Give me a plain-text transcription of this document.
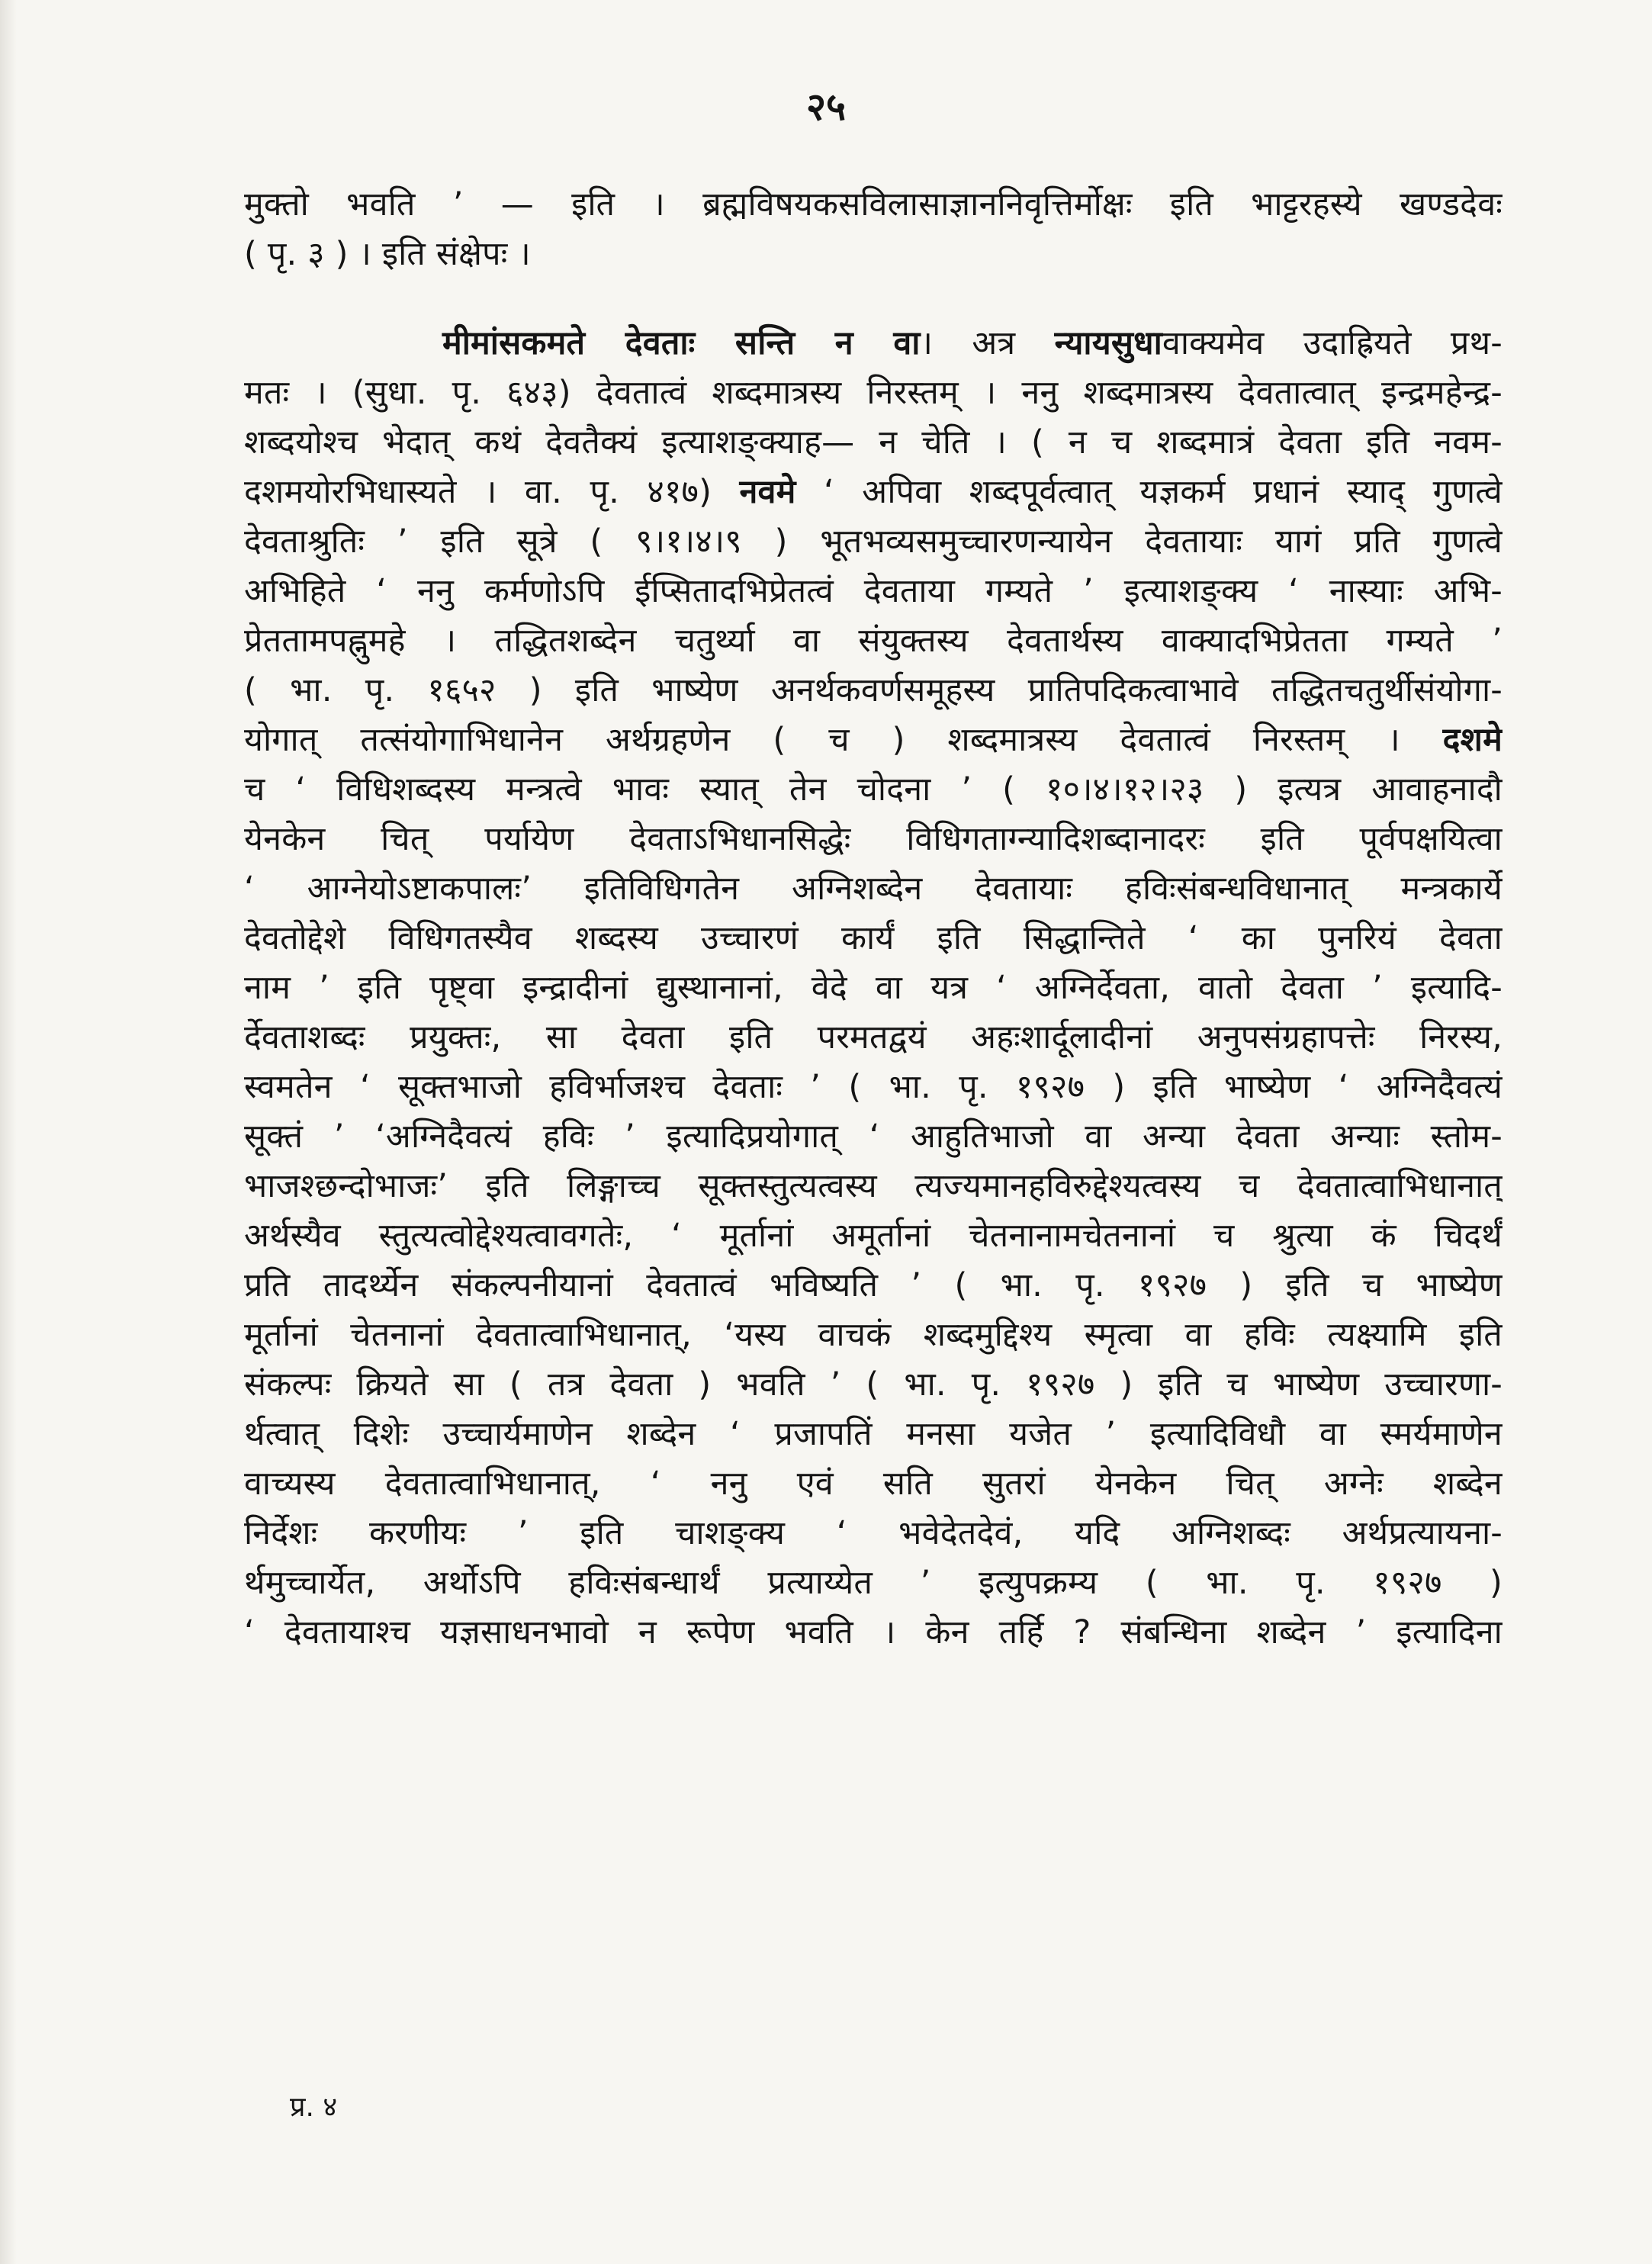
२५
मुक्तो भवति ’ — इति । ब्रह्मविषयकसविलासाज्ञाननिवृत्तिर्मोक्षः इति भाट्टरहस्ये खण्डदेवः
( पृ. ३ ) । इति संक्षेपः ।
मीमांसकमते देवताः सन्ति न वा। अत्र न्यायसुधावाक्यमेव उदाह्रियते प्रथ-
मतः । (सुधा. पृ. ६४३) देवतात्वं शब्दमात्रस्य निरस्तम् । ननु शब्दमात्रस्य देवतात्वात् इन्द्रमहेन्द्र-
शब्दयोश्च भेदात् कथं देवतैक्यं इत्याशङ्क्याह— न चेति । ( न च शब्दमात्रं देवता इति नवम-
दशमयोरभिधास्यते । वा. पृ. ४१७) नवमे ‘ अपिवा शब्दपूर्वत्वात् यज्ञकर्म प्रधानं स्याद् गुणत्वे
देवताश्रुतिः ’ इति सूत्रे ( ९।१।४।९ ) भूतभव्यसमुच्चारणन्यायेन देवतायाः यागं प्रति गुणत्वे
अभिहिते ‘ ननु कर्मणोऽपि ईप्सितादभिप्रेतत्वं देवताया गम्यते ’ इत्याशङ्क्य ‘ नास्याः अभि-
प्रेततामपह्नुमहे । तद्धितशब्देन चतुर्थ्या वा संयुक्तस्य देवतार्थस्य वाक्यादभिप्रेतता गम्यते ’
( भा. पृ. १६५२ ) इति भाष्येण अनर्थकवर्णसमूहस्य प्रातिपदिकत्वाभावे तद्धितचतुर्थीसंयोगा-
योगात् तत्संयोगाभिधानेन अर्थग्रहणेन ( च ) शब्दमात्रस्य देवतात्वं निरस्तम् । दशमे
च ‘ विधिशब्दस्य मन्त्रत्वे भावः स्यात् तेन चोदना ’ ( १०।४।१२।२३ ) इत्यत्र आवाहनादौ
येनकेन चित् पर्यायेण देवताऽभिधानसिद्धेः विधिगताग्न्यादिशब्दानादरः इति पूर्वपक्षयित्वा
‘ आग्नेयोऽष्टाकपालः’ इतिविधिगतेन अग्निशब्देन देवतायाः हविःसंबन्धविधानात् मन्त्रकार्ये
देवतोद्देशे विधिगतस्यैव शब्दस्य उच्चारणं कार्यं इति सिद्धान्तिते ‘ का पुनरियं देवता
नाम ’ इति पृष्ट्वा इन्द्रादीनां द्युस्थानानां, वेदे वा यत्र ‘ अग्निर्देवता, वातो देवता ’ इत्यादि-
र्देवताशब्दः प्रयुक्तः, सा देवता इति परमतद्वयं अहःशार्दूलादीनां अनुपसंग्रहापत्तेः निरस्य,
स्वमतेन ‘ सूक्तभाजो हविर्भाजश्च देवताः ’ ( भा. पृ. १९२७ ) इति भाष्येण ‘ अग्निदैवत्यं
सूक्तं ’ ‘अग्निदैवत्यं हविः ’ इत्यादिप्रयोगात् ‘ आहुतिभाजो वा अन्या देवता अन्याः स्तोम-
भाजश्छन्दोभाजः’ इति लिङ्गाच्च सूक्तस्तुत्यत्वस्य त्यज्यमानहविरुद्देश्यत्वस्य च देवतात्वाभिधानात्
अर्थस्यैव स्तुत्यत्वोद्देश्यत्वावगतेः, ‘ मूर्तानां अमूर्तानां चेतनानामचेतनानां च श्रुत्या कं चिदर्थं
प्रति तादर्थ्येन संकल्पनीयानां देवतात्वं भविष्यति ’ ( भा. पृ. १९२७ ) इति च भाष्येण
मूर्तानां चेतनानां देवतात्वाभिधानात्, ‘यस्य वाचकं शब्दमुद्दिश्य स्मृत्वा वा हविः त्यक्ष्यामि इति
संकल्पः क्रियते सा ( तत्र देवता ) भवति ’ ( भा. पृ. १९२७ ) इति च भाष्येण उच्चारणा-
र्थत्वात् दिशेः उच्चार्यमाणेन शब्देन ‘ प्रजापतिं मनसा यजेत ’ इत्यादिविधौ वा स्मर्यमाणेन
वाच्यस्य देवतात्वाभिधानात्, ‘ ननु एवं सति सुतरां येनकेन चित् अग्नेः शब्देन
निर्देशः करणीयः ’ इति चाशङ्क्य ‘ भवेदेतदेवं, यदि अग्निशब्दः अर्थप्रत्यायना-
र्थमुच्चार्येत, अर्थोऽपि हविःसंबन्धार्थं प्रत्याय्येत ’ इत्युपक्रम्य ( भा. पृ. १९२७ )
‘ देवतायाश्च यज्ञसाधनभावो न रूपेण भवति । केन तर्हि ? संबन्धिना शब्देन ’ इत्यादिना
प्र. ४
